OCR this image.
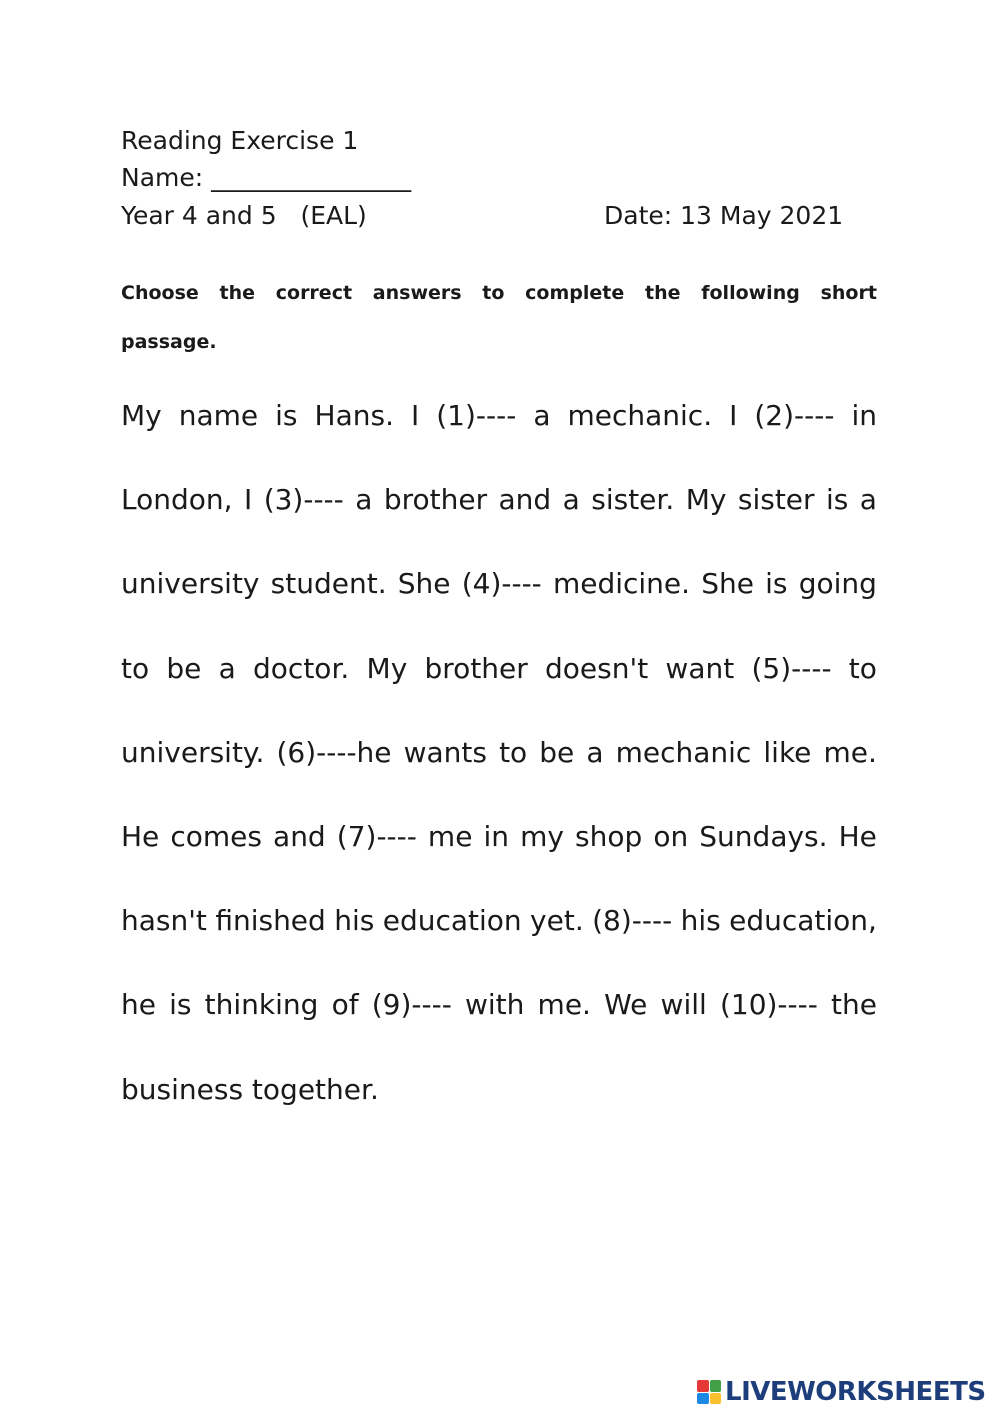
Reading Exercise 1
Name: ________________
Year 4 and 5   (EAL)	Date: 13 May 2021
Choose the correct answers to complete the following short
passage.
My name is Hans. I (1)---- a mechanic. I (2)---- in
London, I (3)---- a brother and a sister. My sister is a
university student. She (4)---- medicine. She is going
to be a doctor. My brother doesn't want (5)---- to
university. (6)----he wants to be a mechanic like me.
He comes and (7)---- me in my shop on Sundays. He
hasn't finished his education yet. (8)---- his education,
he is thinking of (9)---- with me. We will (10)---- the
business together.
LIVEWORKSHEETS
